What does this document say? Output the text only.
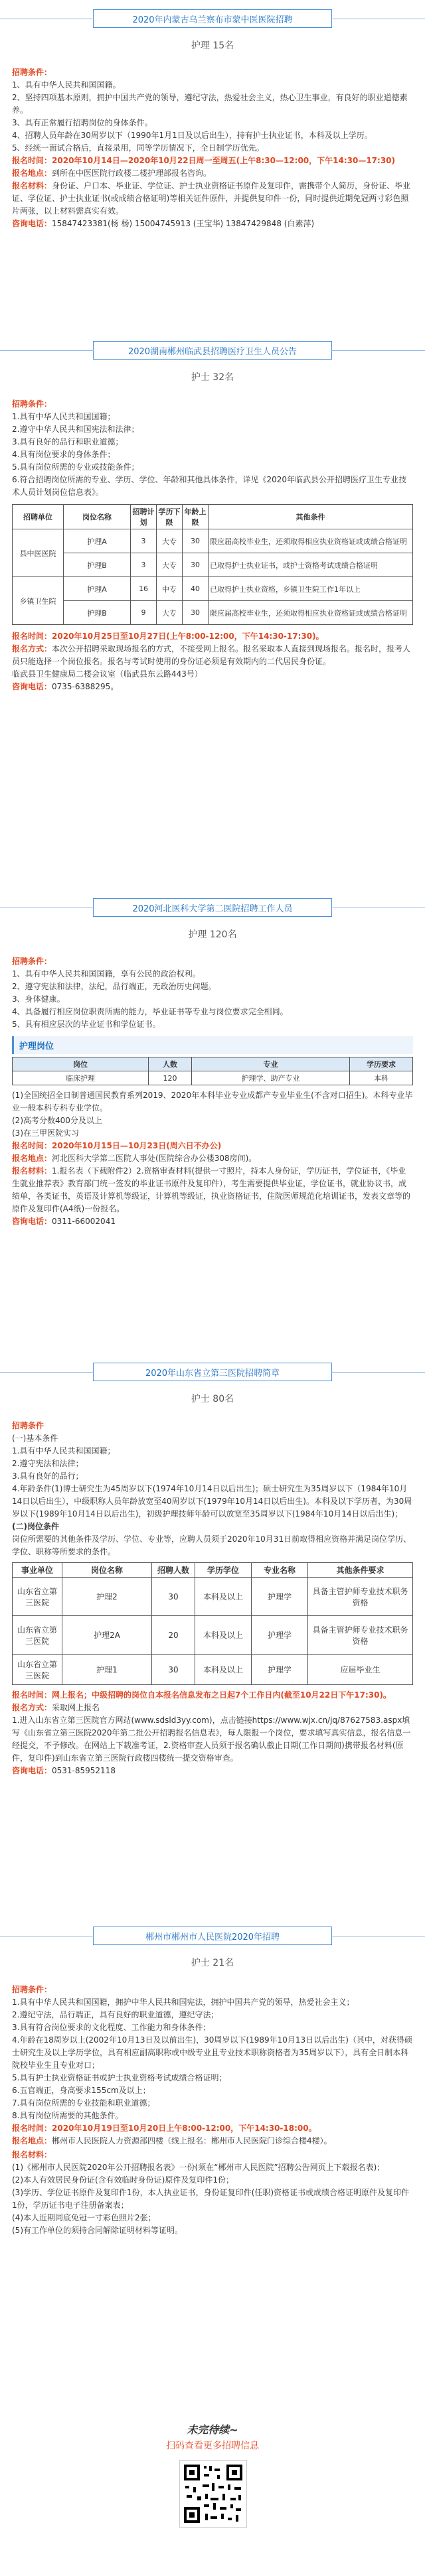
2020年内蒙古乌兰察布市蒙中医医院招聘
护理 15名

招聘条件：

1、具有中华人民共和国国籍。

2、坚持四项基本原则，拥护中国共产党的领导，遵纪守法，热爱社会主义，热心卫生事业，有良好的职业道德素养。

3、具有正常履行招聘岗位的身体条件。

4、招聘人员年龄在30周岁以下（1990年1月1日及以后出生），持有护士执业证书，本科及以上学历。

5、经统一面试合格后，直接录用，同等学历情况下，全日制学历优先。

报名时间：2020年10月14日—2020年10月22日周一至周五(上午8:30—12:00，下午14:30—17:30)

报名地点：到所在中医医院行政楼二楼护理部报名咨询。

报名材料：身份证、户口本、毕业证、学位证、护士执业资格证书原件及复印件，需携带个人简历，身份证、毕业证、学位证、护士执业证书(或成绩合格证明)等相关证件原件，并提供复印件一份，同时提供近期免冠两寸彩色照片两张，以上材料需真实有效。

咨询电话：15847423381(杨 杨) 15004745913 (王宝华) 13847429848 (白素萍)

2020湖南郴州临武县招聘医疗卫生人员公告
护士 32名

招聘条件：

1.具有中华人民共和国国籍；

2.遵守中华人民共和国宪法和法律；

3.具有良好的品行和职业道德；

4.具有岗位要求的身体条件；

5.具有岗位所需的专业或技能条件；

6.符合招聘岗位所需的专业、学历、学位、年龄和其他具体条件，详见《2020年临武县公开招聘医疗卫生专业技术人员计划岗位信息表》。

招聘单位	岗位名称	招聘计划	学历下限	年龄上限	其他条件
县中医医院	护理A	3	大专	30	限应届高校毕业生，还须取得相应执业资格证或成绩合格证明
	护理B	3	大专	30	已取得护士执业证书，或护士资格考试成绩合格证明
乡镇卫生院	护理A	16	中专	40	已取得护士执业资格，乡镇卫生院工作1年以上
	护理B	9	大专	30	限应届高校毕业生，还须取得相应执业资格证或成绩合格证明

报名时间：2020年10月25日至10月27日(上午8:00-12:00，下午14:30-17:30)。

报名方式：本次公开招聘采取现场报名的方式，不接受网上报名。报名采取本人直接到现场报名。报名时，报考人员只能选择一个岗位报名。报名与考试时使用的身份证必须是有效期内的二代居民身份证。

临武县卫生健康局二楼会议室（临武县东云路443号）

咨询电话：0735-6388295。

2020河北医科大学第二医院招聘工作人员
护理 120名

招聘条件：

1、具有中华人民共和国国籍，享有公民的政治权利。

2、遵守宪法和法律，法纪，品行端正，无政治历史问题。

3、身体健康。

4、具备履行相应岗位职责所需的能力，毕业证书等专业与岗位要求完全相同。

5、具有相应层次的毕业证书和学位证书。

护理岗位
岗位	人数	专业	学历要求
临床护理	120	护理学、助产专业	本科

(1)全国统招全日制普通国民教育系列2019、2020年本科毕业专业成都产专业毕业生(不含对口招生)。本科专业毕业一般本科专科专业学位。

(2)高考分数400分及以上

(3)在三甲医院实习

报名时间：2020年10月15日—10月23日(周六日不办公)

报名地点：河北医科大学第二医院人事处(医院综合办公楼308房间)。

报名材料：1.报名表（下载附件2）2.资格审查材料(提供一寸照片，持本人身份证，学历证书，学位证书，《毕业生就业推荐表》教育部门统一签发的毕业证书原件及复印件），考生需要提供毕业证，学位证书，就业协议书，成绩单，各类证书，英语及计算机等级证，计算机等级证，执业资格证书，住院医师规范化培训证书，发表文章等的原件及复印件(A4纸)一份报名。

咨询电话：0311-66002041

2020年山东省立第三医院招聘简章
护士 80名

招聘条件

(一)基本条件

1.具有中华人民共和国国籍；

2.遵守宪法和法律；

3.具有良好的品行；

4.年龄条件(1)博士研究生为45周岁以下(1974年10月14日以后出生)；硕士研究生为35周岁以下（1984年10月14日以后出生），中级职称人员年龄放宽至40周岁以下(1979年10月14日以后出生)。本科及以下学历者，为30周岁以下(1989年10月14日以后出生)，初级护理技师年龄可以放宽至35周岁以下(1984年10月14日以后出生)；

(二)岗位条件

岗位所需要的其他条件及学历、学位、专业等，应聘人员须于2020年10月31日前取得相应资格并满足岗位学历、学位、职称等所要求的条件。

事业单位	岗位名称	招聘人数	学历学位	专业名称	其他条件要求
山东省立第三医院	护理2	30	本科及以上	护理学	具备主管护师专业技术职务资格
山东省立第三医院	护理2A	20	本科及以上	护理学	具备主管护师专业技术职务资格
山东省立第三医院	护理1	30	本科及以上	护理学	应届毕业生

报名时间：网上报名；中级招聘的岗位自本报名信息发布之日起7个工作日内(截至10月22日下午17:30)。

报名方式：采取网上报名

1.进入山东省立第三医院官方网站(www.sdsld3yy.com)，点击链接https://www.wjx.cn/jq/87627583.aspx填写《山东省立第三医院2020年第二批公开招聘报名信息表》，每人限报一个岗位，要求填写真实信息，报名信息一经提交，不予修改。在网站上下载准考证，2.资格审查人员须于报名确认截止日期(工作日期间)携带报名材料(原件，复印件)到山东省立第三医院行政楼四楼统一提交资格审查。

咨询电话：0531-85952118

郴州市郴州市人民医院2020年招聘
护士 21名

招聘条件：

1.具有中华人民共和国国籍，拥护中华人民共和国宪法，拥护中国共产党的领导，热爱社会主义；

2.遵纪守法，品行端正，具有良好的职业道德，遵纪守法；

3.具有符合岗位要求的文化程度、工作能力和身体条件；

4.年龄在18周岁以上(2002年10月13日及以前出生)，30周岁以下(1989年10月13日以后出生)（其中，对获得硕士研究生及以上学历学位，具有相应副高职称或中级专业且专业技术职称资格者为35周岁以下），具有全日制本科院校毕业生且专业对口；

5.具有护士执业资格证书或护士执业资格考试成绩合格证明；

6.五官端正，身高要求155cm及以上；

7.具有岗位所需的专业技能和职业道德；

8.具有岗位所需要的其他条件。

报名时间：2020年10月19日至10月20日上午8:00-12:00，下午14:30-18:00。

报名地点：郴州市人民医院人力资源部四楼（线上报名：郴州市人民医院门诊综合楼4楼）。

报名材料：

(1)《郴州市人民医院2020年公开招聘报名表》一份(须在“郴州市人民医院”招聘公告网页上下载报名表)；

(2)本人有效居民身份证(含有效临时身份证)原件及复印件1份；

(3)学历、学位证书原件及复印件1份，本人执业证书，身份证复印件(任职)资格证书或成绩合格证明原件及复印件1份，学历证书电子注册备案表；

(4)本人近期同底免冠一寸彩色照片2张；

(5)有工作单位的须持合同解除证明材料等证明。

未完待续~
扫码查看更多招聘信息
